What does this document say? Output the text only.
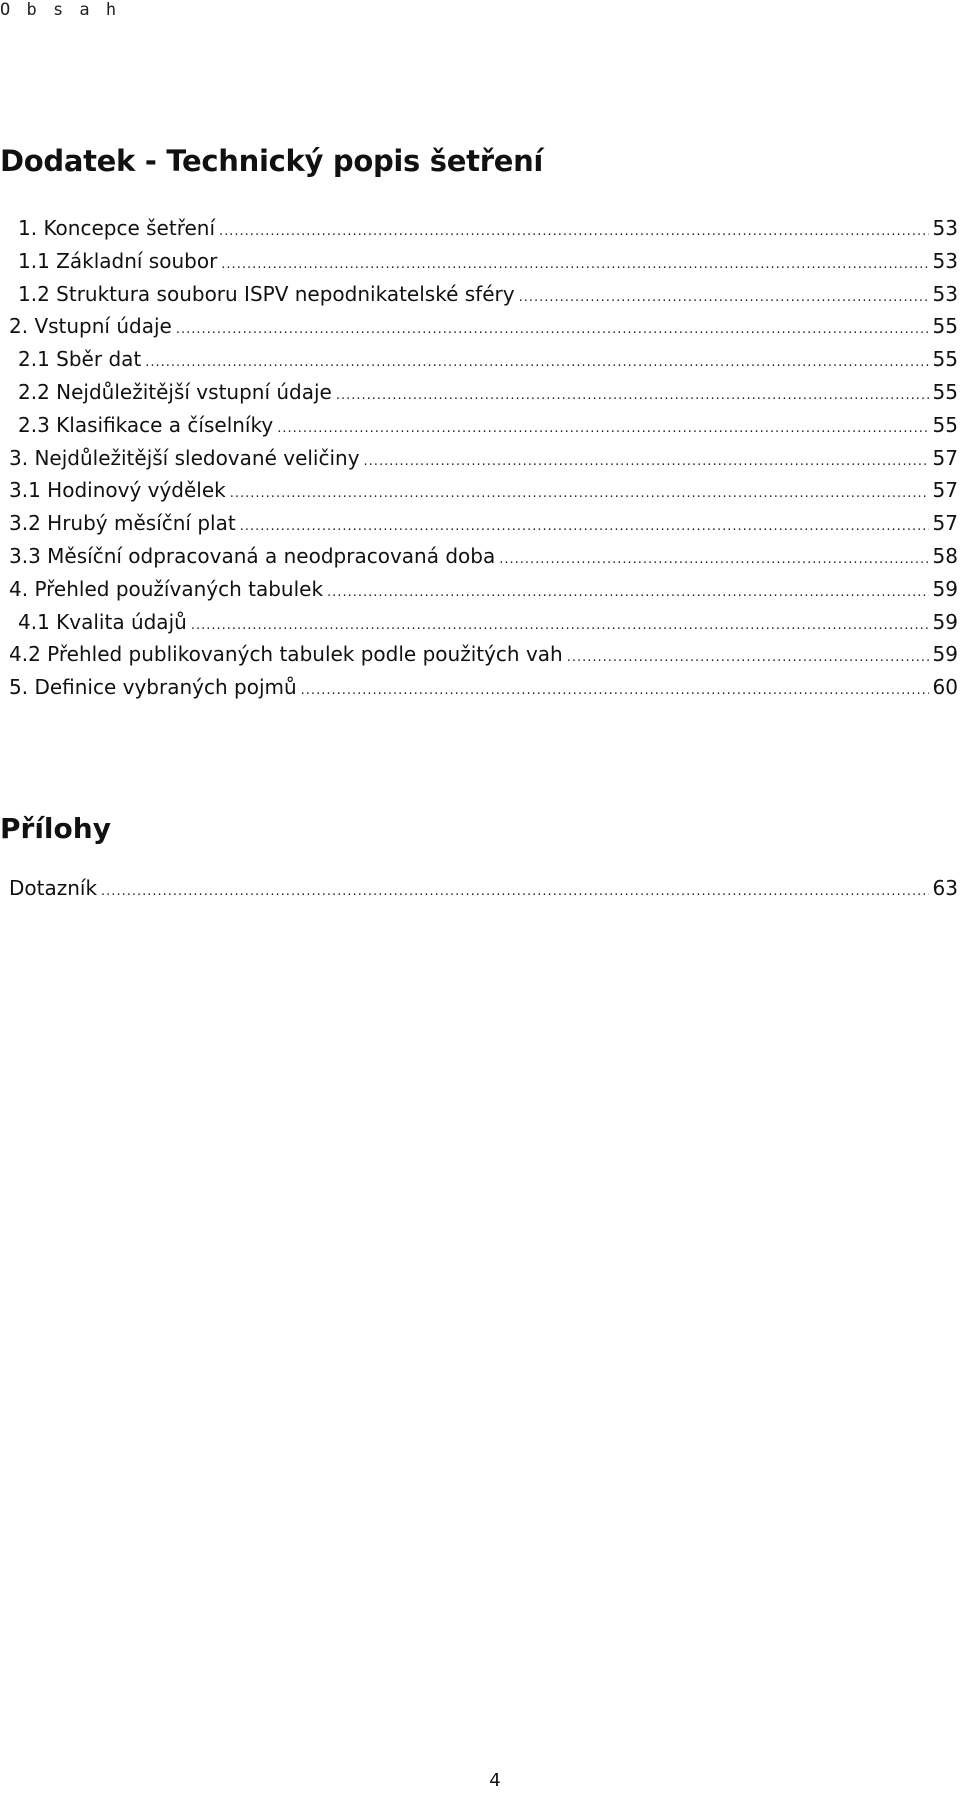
O b s a h
Dodatek - Technický popis šetření
1. Koncepce šetření .....	53
1.1 Základní soubor .....	53
1.2 Struktura souboru ISPV nepodnikatelské sféry .....	53
2. Vstupní údaje .....	55
2.1 Sběr dat .....	55
2.2 Nejdůležitější vstupní údaje .....	55
2.3 Klasifikace a číselníky .....	55
3. Nejdůležitější sledované veličiny .....	57
3.1 Hodinový výdělek .....	57
3.2 Hrubý měsíční plat .....	57
3.3 Měsíční odpracovaná a neodpracovaná doba .....	58
4. Přehled používaných tabulek .....	59
4.1 Kvalita údajů .....	59
4.2 Přehled publikovaných tabulek podle použitých vah .....	59
5. Definice vybraných pojmů .....	60
Přílohy
Dotazník .....	63
4
